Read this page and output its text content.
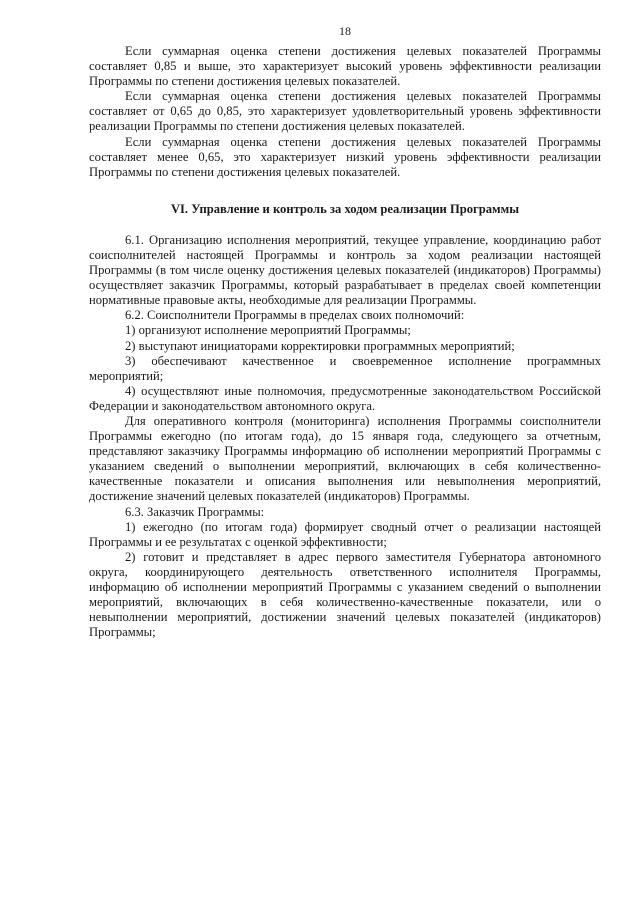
18

Если суммарная оценка степени достижения целевых показателей Программы составляет 0,85 и выше, это характеризует высокий уровень эффективности реализации Программы по степени достижения целевых показателей.

Если суммарная оценка степени достижения целевых показателей Программы составляет от 0,65 до 0,85, это характеризует удовлетворительный уровень эффективности реализации Программы по степени достижения целевых показателей.

Если суммарная оценка степени достижения целевых показателей Программы составляет менее 0,65, это характеризует низкий уровень эффективности реализации Программы по степени достижения целевых показателей.

VI. Управление и контроль за ходом реализации Программы

6.1. Организацию исполнения мероприятий, текущее управление, координацию работ соисполнителей настоящей Программы и контроль за ходом реализации настоящей Программы (в том числе оценку достижения целевых показателей (индикаторов) Программы) осуществляет заказчик Программы, который разрабатывает в пределах своей компетенции нормативные правовые акты, необходимые для реализации Программы.

6.2. Соисполнители Программы в пределах своих полномочий:

1) организуют исполнение мероприятий Программы;

2) выступают инициаторами корректировки программных мероприятий;

3) обеспечивают качественное и своевременное исполнение программных мероприятий;

4) осуществляют иные полномочия, предусмотренные законодательством Российской Федерации и законодательством автономного округа.

Для оперативного контроля (мониторинга) исполнения Программы соисполнители Программы ежегодно (по итогам года), до 15 января года, следующего за отчетным, представляют заказчику Программы информацию об исполнении мероприятий Программы с указанием сведений о выполнении мероприятий, включающих в себя количественно-качественные показатели и описания выполнения или невыполнения мероприятий, достижение значений целевых показателей (индикаторов) Программы.

6.3. Заказчик Программы:

1) ежегодно (по итогам года) формирует сводный отчет о реализации настоящей Программы и ее результатах с оценкой эффективности;

2) готовит и представляет в адрес первого заместителя Губернатора автономного округа, координирующего деятельность ответственного исполнителя Программы, информацию об исполнении мероприятий Программы с указанием сведений о выполнении мероприятий, включающих в себя количественно-качественные показатели, или о невыполнении мероприятий, достижении значений целевых показателей (индикаторов) Программы;
